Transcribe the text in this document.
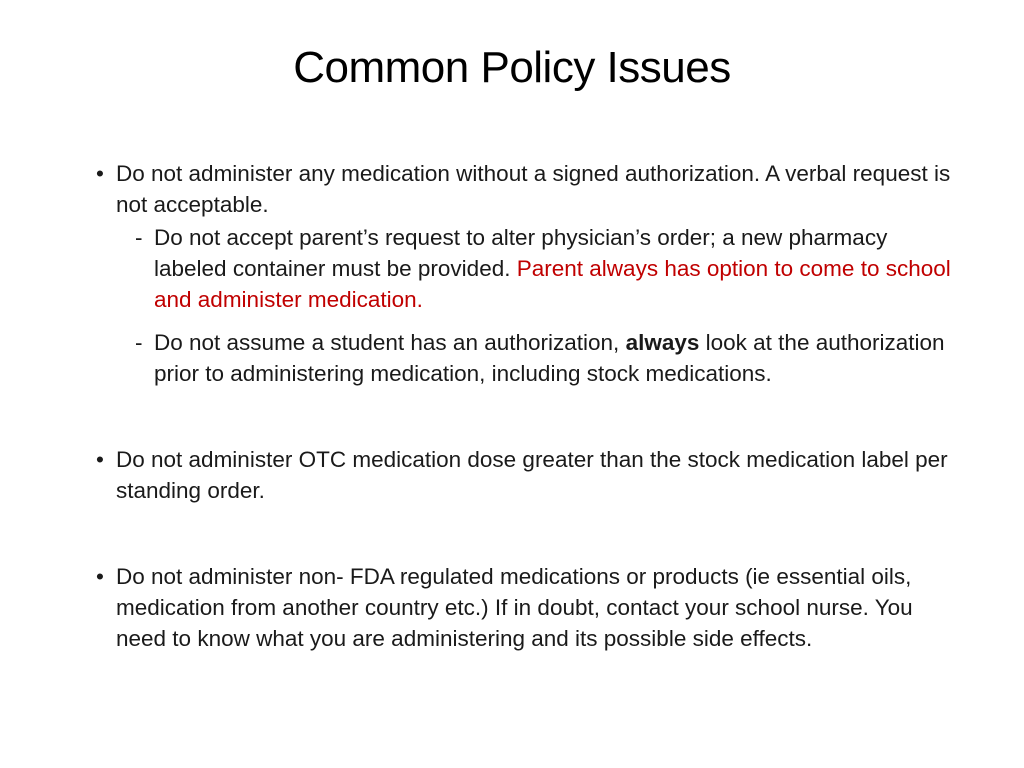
Common Policy Issues
• Do not administer any medication without a signed authorization. A verbal request is not acceptable.
- Do not accept parent’s request to alter physician’s order; a new pharmacy labeled container must be provided. Parent always has option to come to school and administer medication.
- Do not assume a student has an authorization, always look at the authorization prior to administering medication, including stock medications.
• Do not administer OTC medication dose greater than the stock medication label per standing order.
• Do not administer non- FDA regulated medications or products (ie essential oils, medication from another country etc.) If in doubt, contact your school nurse. You need to know what you are administering and its possible side effects.
